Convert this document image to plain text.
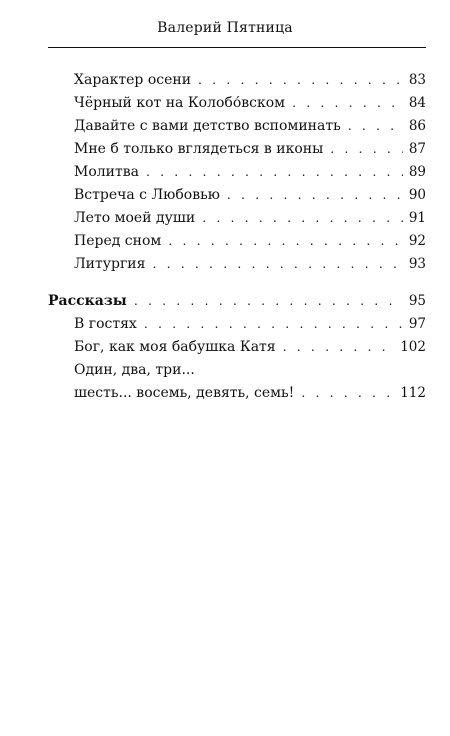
Валерий Пятница
Характер осени . . .	83
Чёрный кот на Колобо́вском . . .	84
Давайте с вами детство вспоминать . . .	86
Мне б только вглядеться в иконы . . .	87
Молитва . . .	89
Встреча с Любовью . . .	90
Лето моей души . . .	91
Перед сном . . .	92
Литургия . . .	93
Рассказы . . .	95
В гостях . . .	97
Бог, как моя бабушка Катя . . .	102
Один, два, три...
шесть... восемь, девять, семь! . . .	112
